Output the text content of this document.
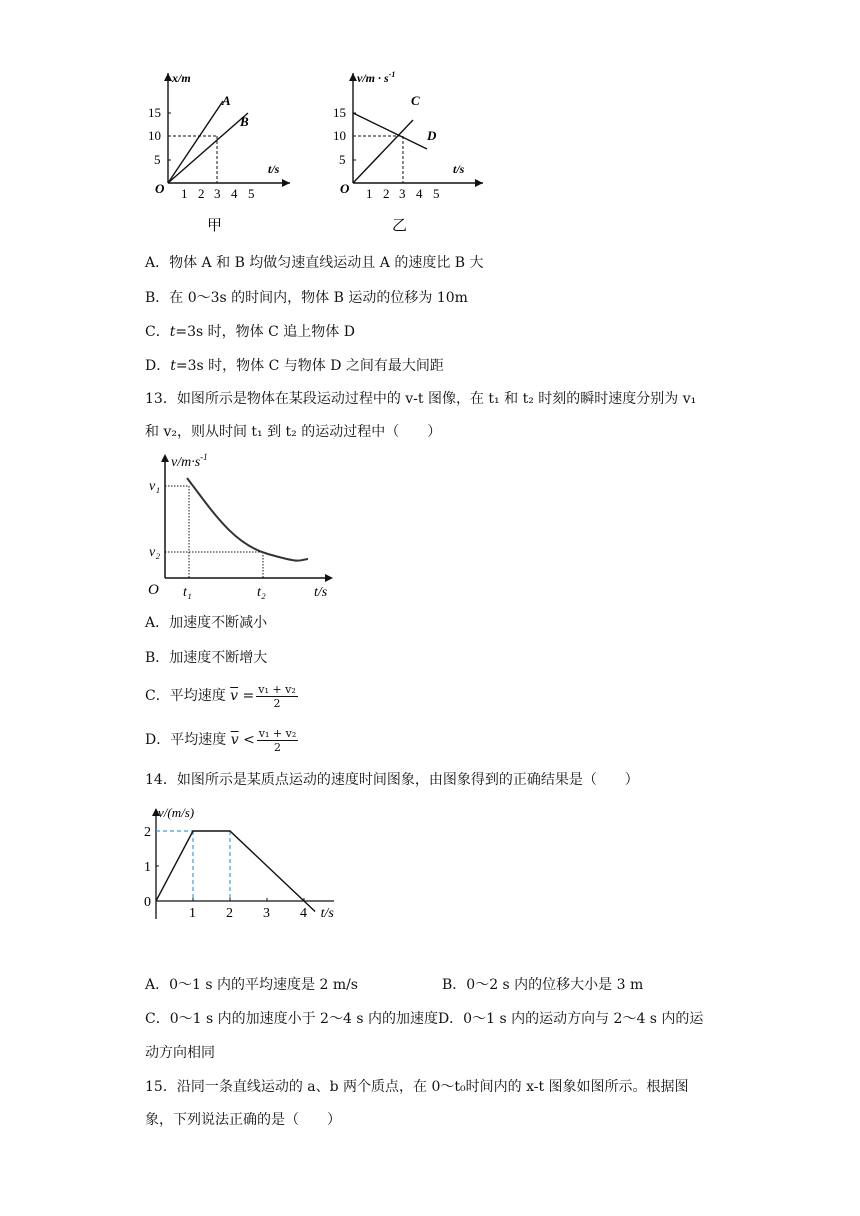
x/m
t/s
O
15
10
5
1 2 3 4 5
A
B
甲
$v/m \cdot s^{-1}$
t/s
O
15
10
5
1 2 3 4 5
C
D
乙
A．物体 A 和 B 均做匀速直线运动且 A 的速度比 B 大
B．在 0～3s 的时间内，物体 B 运动的位移为 10m
C．t=3s 时，物体 C 追上物体 D
D．t=3s 时，物体 C 与物体 D 之间有最大间距
13．如图所示是物体在某段运动过程中的 v-t 图像，在 t₁ 和 t₂ 时刻的瞬时速度分别为 v₁
和 v₂，则从时间 t₁ 到 t₂ 的运动过程中（　　）
$v/m\cdot s^{-1}$
t/s
O
v₁
v₂
t₁	t₂
A．加速度不断减小
B．加速度不断增大
C．平均速度 $\overline{v} = \frac{\text{v₁ + v₂}}{2}$
D．平均速度 $\overline{v} < \frac{\text{v₁ + v₂}}{2}$
14．如图所示是某质点运动的速度时间图象，由图象得到的正确结果是（　　）
1 2 3 4
0
1
2
v/(m/s)
t/s
A．0～1 s 内的平均速度是 2 m/s	B．0～2 s 内的位移大小是 3 m
C．0～1 s 内的加速度小于 2～4 s 内的加速度D．0～1 s 内的运动方向与 2～4 s 内的运
动方向相同
15．沿同一条直线运动的 a、b 两个质点，在 0～t₀时间内的 x-t 图象如图所示。根据图
象，下列说法正确的是（　　）
